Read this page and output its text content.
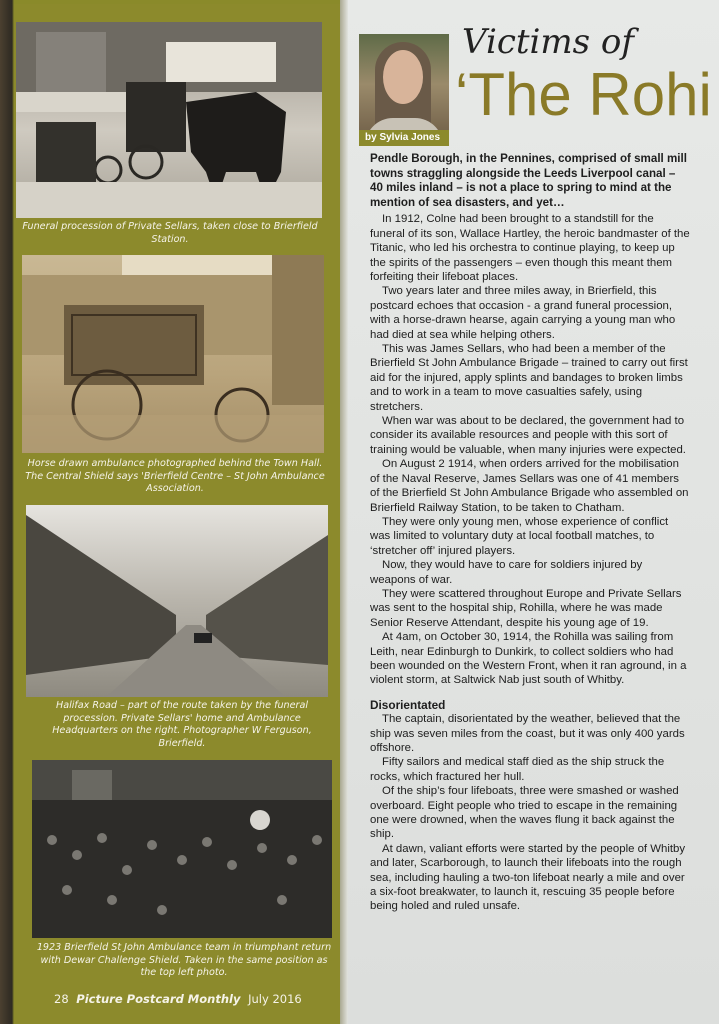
Funeral procession of Private Sellars, taken close to Brierfield Station.
Horse drawn ambulance photographed behind the Town Hall. The Central Shield says 'Brierfield Centre – St John Ambulance Association.
Halifax Road – part of the route taken by the funeral procession. Private Sellars' home and Ambulance Headquarters on the right. Photographer W Ferguson, Brierfield.
1923 Brierfield St John Ambulance team in triumphant return with Dewar Challenge Shield. Taken in the same position as the top left photo.
28 Picture Postcard Monthly July 2016
by Sylvia Jones
Victims of
‘The Rohi

Pendle Borough, in the Pennines, comprised of small mill towns straggling alongside the Leeds Liverpool canal – 40 miles inland – is not a place to spring to mind at the mention of sea disasters, and yet…

In 1912, Colne had been brought to a standstill for the funeral of its son, Wallace Hartley, the heroic bandmaster of the Titanic, who led his orchestra to continue playing, to keep up the spirits of the passengers – even though this meant them forfeiting their lifeboat places.

Two years later and three miles away, in Brierfield, this postcard echoes that occasion - a grand funeral procession, with a horse-drawn hearse, again carrying a young man who had died at sea while helping others.

This was James Sellars, who had been a member of the Brierfield St John Ambulance Brigade – trained to carry out first aid for the injured, apply splints and bandages to broken limbs and to work in a team to move casualties safely, using stretchers.

When war was about to be declared, the government had to consider its available resources and people with this sort of training would be valuable, when many injuries were expected.

On August 2 1914, when orders arrived for the mobilisation of the Naval Reserve, James Sellars was one of 41 members of the Brierfield St John Ambulance Brigade who assembled on Brierfield Railway Station, to be taken to Chatham.

They were only young men, whose experience of conflict was limited to voluntary duty at local football matches, to ‘stretcher off’ injured players.

Now, they would have to care for soldiers injured by weapons of war.

They were scattered throughout Europe and Private Sellars was sent to the hospital ship, Rohilla, where he was made Senior Reserve Attendant, despite his young age of 19.

At 4am, on October 30, 1914, the Rohilla was sailing from Leith, near Edinburgh to Dunkirk, to collect soldiers who had been wounded on the Western Front, when it ran aground, in a violent storm, at Saltwick Nab just south of Whitby.

Disorientated

The captain, disorientated by the weather, believed that the ship was seven miles from the coast, but it was only 400 yards offshore.

Fifty sailors and medical staff died as the ship struck the rocks, which fractured her hull.

Of the ship’s four lifeboats, three were smashed or washed overboard. Eight people who tried to escape in the remaining one were drowned, when the waves flung it back against the ship.

At dawn, valiant efforts were started by the people of Whitby and later, Scarborough, to launch their lifeboats into the rough sea, including hauling a two-ton lifeboat nearly a mile and over a six-foot breakwater, to launch it, rescuing 35 people before being holed and ruled unsafe.
